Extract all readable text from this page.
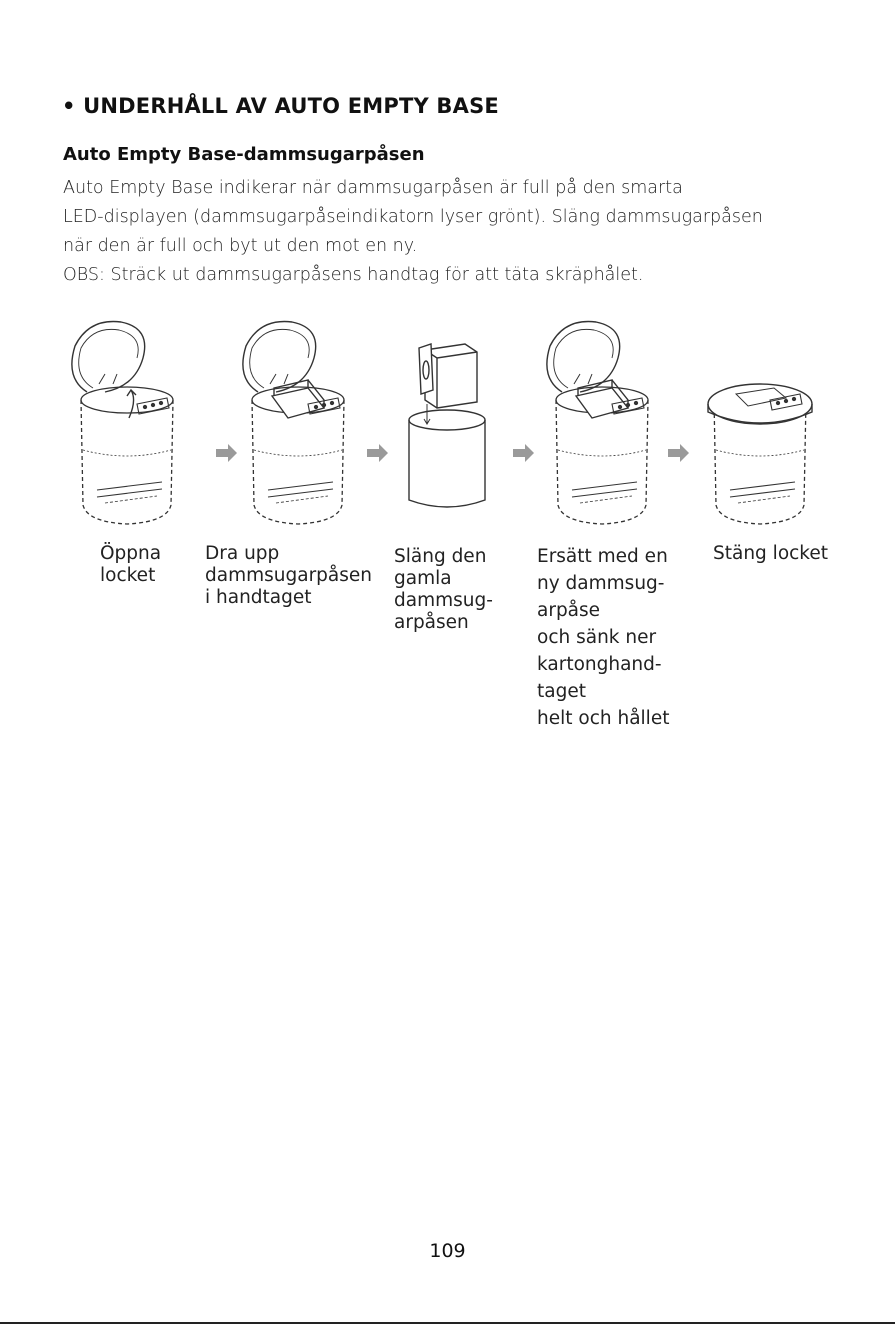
• UNDERHÅLL AV AUTO EMPTY BASE
Auto Empty Base-dammsugarpåsen

Auto Empty Base indikerar när dammsugarpåsen är full på den smarta
LED-displayen (dammsugarpåseindikatorn lyser grönt). Släng dammsugarpåsen
när den är full och byt ut den mot en ny.
OBS: Sträck ut dammsugarpåsens handtag för att täta skräphålet.

Öppna
locket
Dra upp
dammsugarpåsen
i handtaget
Släng den
gamla
dammsug-
arpåsen
Ersätt med en
ny dammsug-
arpåse
och sänk ner
kartonghand-
taget
helt och hållet
Stäng locket
109
